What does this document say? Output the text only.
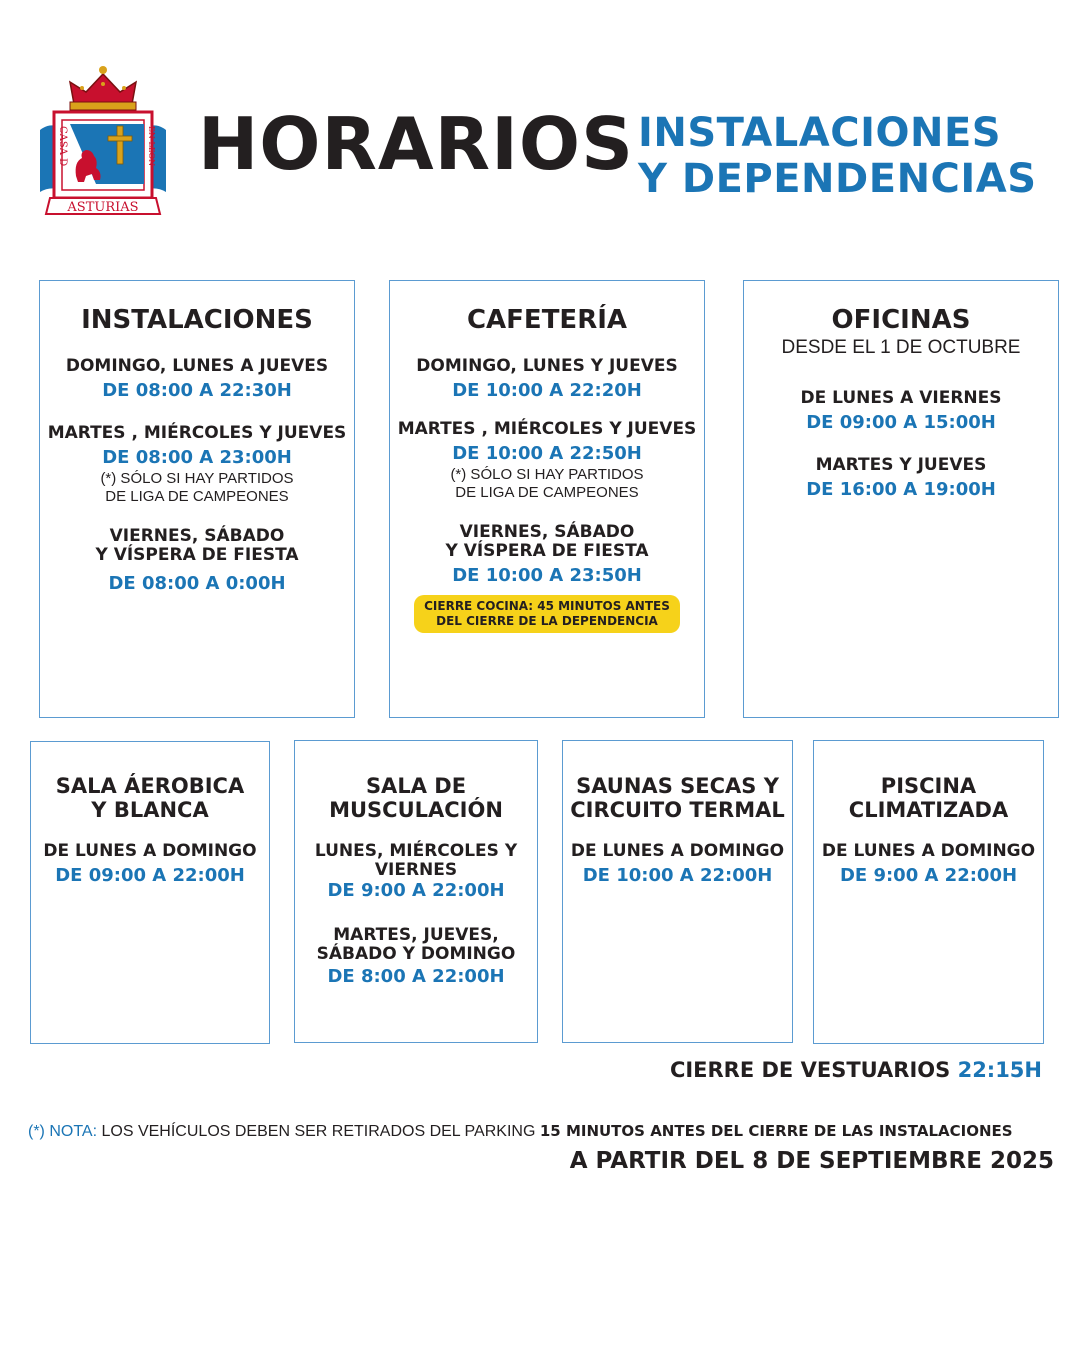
ASTURIAS
CASA D	EN LEON HORARIOS INSTALACIONES
Y DEPENDENCIAS

INSTALACIONES

DOMINGO, LUNES A JUEVES

DE 08:00 A 22:30H

MARTES , MIÉRCOLES Y JUEVES

DE 08:00 A 23:00H

(*) SÓLO SI HAY PARTIDOS

DE LIGA DE CAMPEONES

VIERNES, SÁBADO

Y VÍSPERA DE FIESTA

DE 08:00 A 0:00H

CAFETERÍA

DOMINGO, LUNES Y JUEVES

DE 10:00 A 22:20H

MARTES , MIÉRCOLES Y JUEVES

DE 10:00 A 22:50H

(*) SÓLO SI HAY PARTIDOS

DE LIGA DE CAMPEONES

VIERNES, SÁBADO

Y VÍSPERA DE FIESTA

DE 10:00 A 23:50H

CIERRE COCINA: 45 MINUTOS ANTES
DEL CIERRE DE LA DEPENDENCIA

OFICINAS

DESDE EL 1 DE OCTUBRE

DE LUNES A VIERNES

DE 09:00 A 15:00H

MARTES Y JUEVES

DE 16:00 A 19:00H

SALA ÁEROBICA
Y BLANCA

DE LUNES A DOMINGO

DE 09:00 A 22:00H

SALA DE
MUSCULACIÓN

LUNES, MIÉRCOLES Y

VIERNES

DE 9:00 A 22:00H

MARTES, JUEVES,

SÁBADO Y DOMINGO

DE 8:00 A 22:00H

SAUNAS SECAS Y
CIRCUITO TERMAL

DE LUNES A DOMINGO

DE 10:00 A 22:00H

PISCINA
CLIMATIZADA

DE LUNES A DOMINGO

DE 9:00 A 22:00H

CIERRE DE VESTUARIOS 22:15H

(*) NOTA: LOS VEHÍCULOS DEBEN SER RETIRADOS DEL PARKING 15 MINUTOS ANTES DEL CIERRE DE LAS INSTALACIONES

A PARTIR DEL 8 DE SEPTIEMBRE 2025
